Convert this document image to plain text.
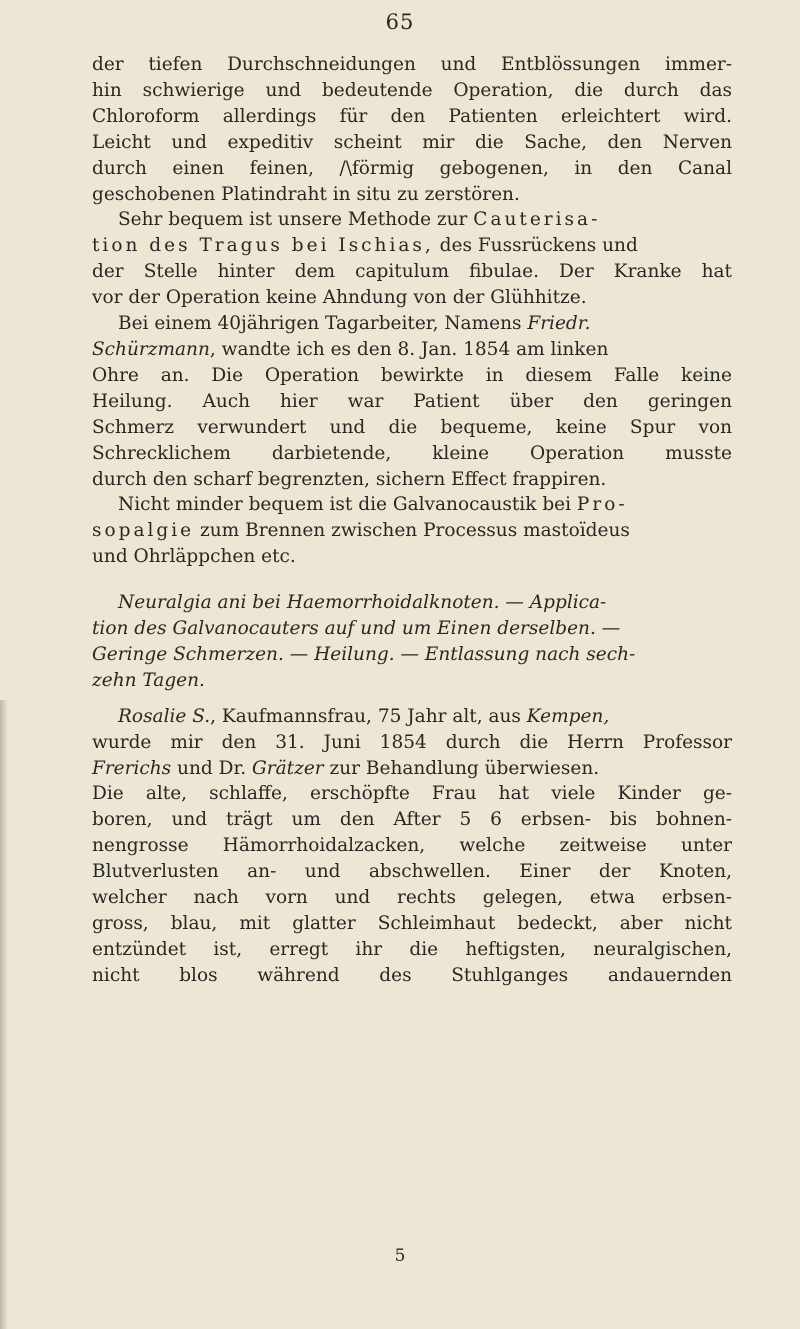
65
der tiefen Durchschneidungen und Entblössungen immer-
hin schwierige und bedeutende Operation, die durch das
Chloroform allerdings für den Patienten erleichtert wird.
Leicht und expeditiv scheint mir die Sache, den Nerven
durch einen feinen, /\förmig gebogenen, in den Canal
geschobenen Platindraht in situ zu zerstören.
Sehr bequem ist unsere Methode zur Cauterisa-
tion des Tragus bei Ischias, des Fussrückens und
der Stelle hinter dem capitulum fibulae. Der Kranke hat
vor der Operation keine Ahndung von der Glühhitze.
Bei einem 40jährigen Tagarbeiter, Namens Friedr.
Schürzmann, wandte ich es den 8. Jan. 1854 am linken
Ohre an. Die Operation bewirkte in diesem Falle keine
Heilung. Auch hier war Patient über den geringen
Schmerz verwundert und die bequeme, keine Spur von
Schrecklichem darbietende, kleine Operation musste
durch den scharf begrenzten, sichern Effect frappiren.
Nicht minder bequem ist die Galvanocaustik bei Pro-
sopalgie zum Brennen zwischen Processus mastoïdeus
und Ohrläppchen etc.
Neuralgia ani bei Haemorrhoidalknoten. — Applica-
tion des Galvanocauters auf und um Einen derselben. —
Geringe Schmerzen. — Heilung. — Entlassung nach sech-
zehn Tagen.
Rosalie S., Kaufmannsfrau, 75 Jahr alt, aus Kempen,
wurde mir den 31. Juni 1854 durch die Herrn Professor
Frerichs und Dr. Grätzer zur Behandlung überwiesen.
Die alte, schlaffe, erschöpfte Frau hat viele Kinder ge-
boren, und trägt um den After 5 6 erbsen- bis bohnen-
nengrosse Hämorrhoidalzacken, welche zeitweise unter
Blutverlusten an- und abschwellen. Einer der Knoten,
welcher nach vorn und rechts gelegen, etwa erbsen-
gross, blau, mit glatter Schleimhaut bedeckt, aber nicht
entzündet ist, erregt ihr die heftigsten, neuralgischen,
nicht blos während des Stuhlganges andauernden
5
